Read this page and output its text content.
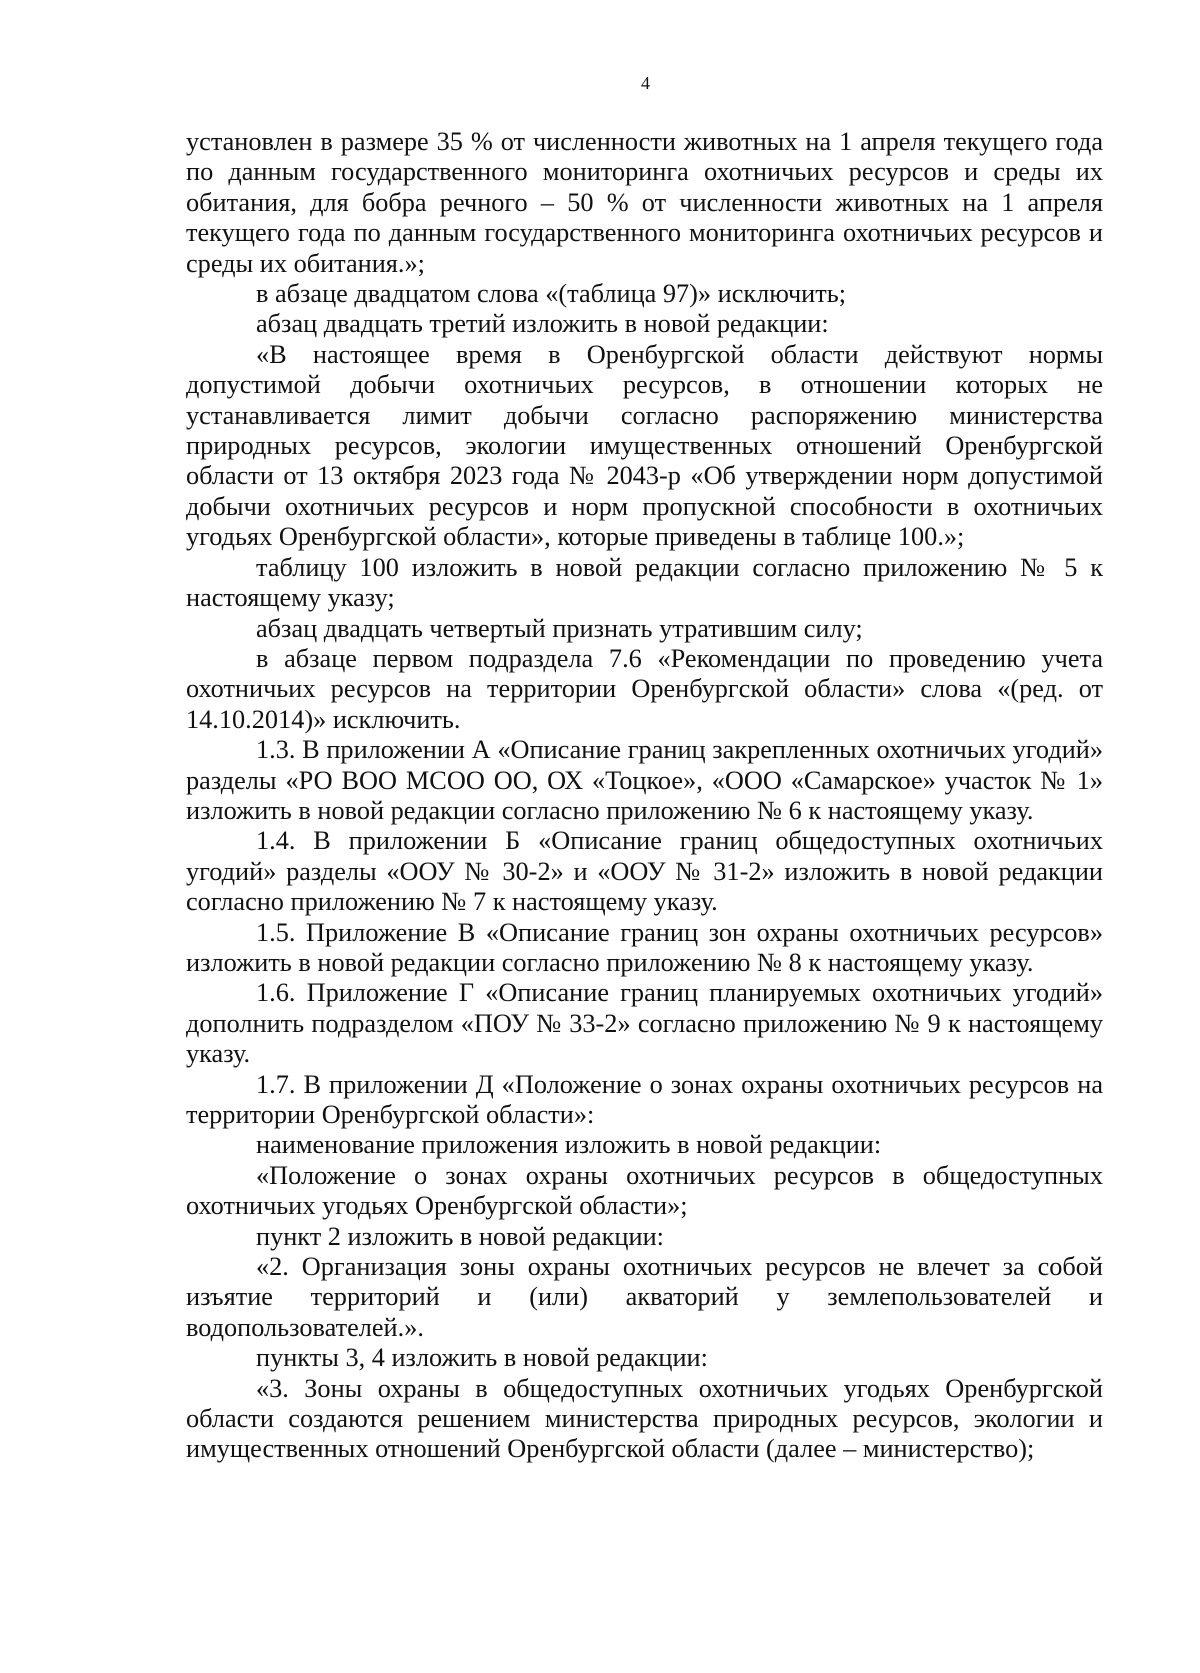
4

установлен в размере 35 % от численности животных на 1 апреля текущего года по данным государственного мониторинга охотничьих ресурсов и среды их обитания, для бобра речного – 50 % от численности животных на 1 апреля текущего года по данным государственного мониторинга охотничьих ресурсов и среды их обитания.»;

в абзаце двадцатом слова «(таблица 97)» исключить;

абзац двадцать третий изложить в новой редакции:

«В настоящее время в Оренбургской области действуют нормы допустимой добычи охотничьих ресурсов, в отношении которых не устанавливается лимит добычи согласно распоряжению министерства природных ресурсов, экологии имущественных отношений Оренбургской области от 13 октября 2023 года № 2043-р «Об утверждении норм допустимой добычи охотничьих ресурсов и норм пропускной способности в охотничьих угодьях Оренбургской области», которые приведены в таблице 100.»;

таблицу 100 изложить в новой редакции согласно приложению № 5 к настоящему указу;

абзац двадцать четвертый признать утратившим силу;

в абзаце первом подраздела 7.6 «Рекомендации по проведению учета охотничьих ресурсов на территории Оренбургской области» слова «(ред. от 14.10.2014)» исключить.

1.3. В приложении А «Описание границ закрепленных охотничьих угодий» разделы «РО ВОО МСОО ОО, ОХ «Тоцкое», «ООО «Самарское» участок № 1» изложить в новой редакции согласно приложению № 6 к настоящему указу.

1.4. В приложении Б «Описание границ общедоступных охотничьих угодий» разделы «ООУ № 30-2» и «ООУ № 31-2» изложить в новой редакции согласно приложению № 7 к настоящему указу.

1.5. Приложение В «Описание границ зон охраны охотничьих ресурсов» изложить в новой редакции согласно приложению № 8 к настоящему указу.

1.6. Приложение Г «Описание границ планируемых охотничьих угодий» дополнить подразделом «ПОУ № 33-2» согласно приложению № 9 к настоящему указу.

1.7. В приложении Д «Положение о зонах охраны охотничьих ресурсов на территории Оренбургской области»:

наименование приложения изложить в новой редакции:

«Положение о зонах охраны охотничьих ресурсов в общедоступных охотничьих угодьях Оренбургской области»;

пункт 2 изложить в новой редакции:

«2. Организация зоны охраны охотничьих ресурсов не влечет за собой изъятие территорий и (или) акваторий у землепользователей и водопользователей.».

пункты 3, 4 изложить в новой редакции:

«3. Зоны охраны в общедоступных охотничьих угодьях Оренбургской области создаются решением министерства природных ресурсов, экологии и имущественных отношений Оренбургской области (далее – министерство);
